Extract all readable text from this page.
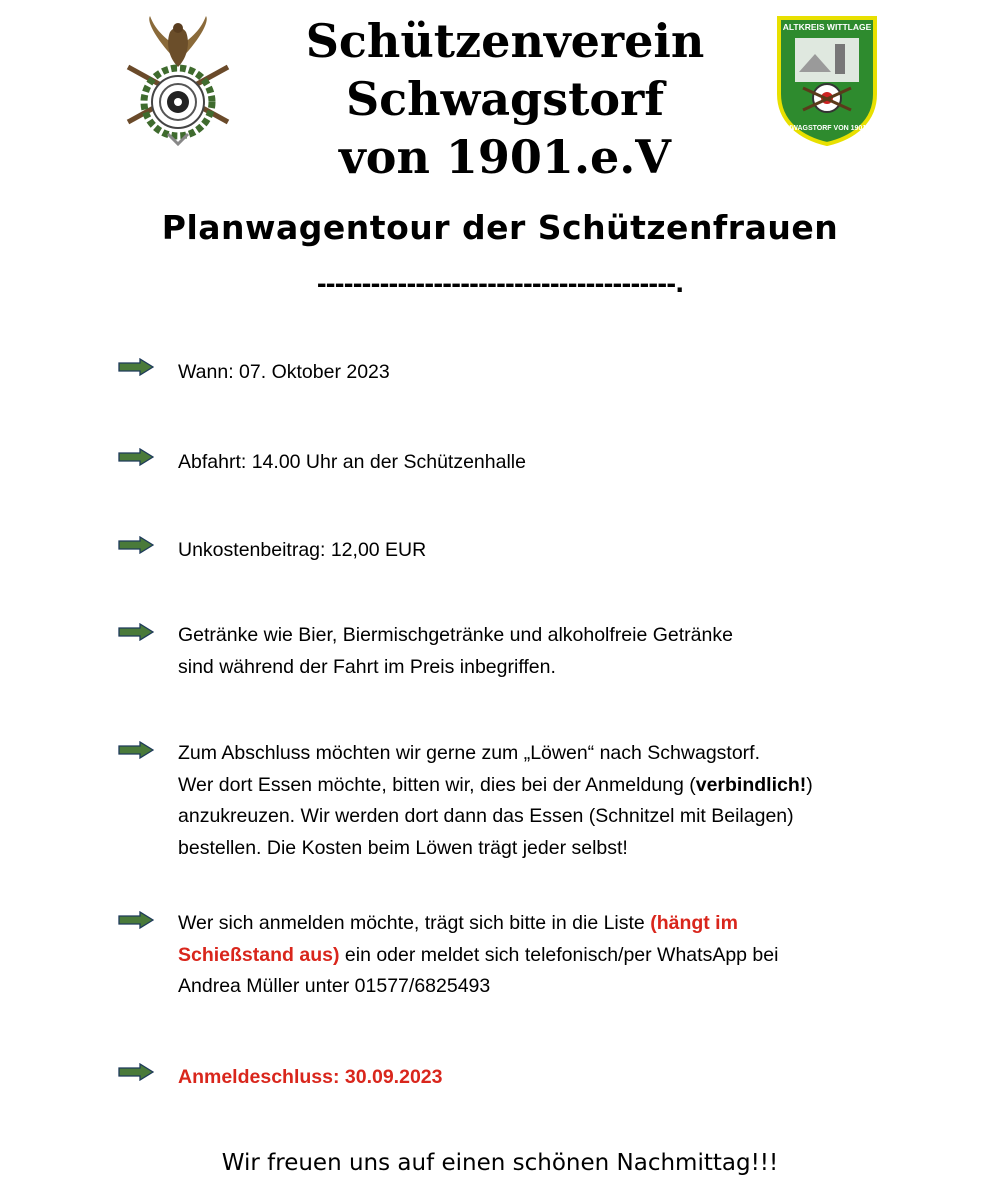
Schützenverein Schwagstorf
von 1901.e.V
ALTKREIS WITTLAGE
SCHWAGSTORF VON 1901 EV
Planwagentour der Schützenfrauen
----------------------------------------.
Wann: 07. Oktober 2023
Abfahrt: 14.00 Uhr an der Schützenhalle
Unkostenbeitrag: 12,00 EUR
Getränke wie Bier, Biermischgetränke und alkoholfreie Getränke
sind während der Fahrt im Preis inbegriffen.
Zum Abschluss möchten wir gerne zum „Löwen“ nach Schwagstorf.
Wer dort Essen möchte, bitten wir, dies bei der Anmeldung (verbindlich!)
anzukreuzen. Wir werden dort dann das Essen (Schnitzel mit Beilagen)
bestellen. Die Kosten beim Löwen trägt jeder selbst!
Wer sich anmelden möchte, trägt sich bitte in die Liste (hängt im
Schießstand aus) ein oder meldet sich telefonisch/per WhatsApp bei
Andrea Müller unter 01577/6825493
Anmeldeschluss: 30.09.2023
Wir freuen uns auf einen schönen Nachmittag!!!
